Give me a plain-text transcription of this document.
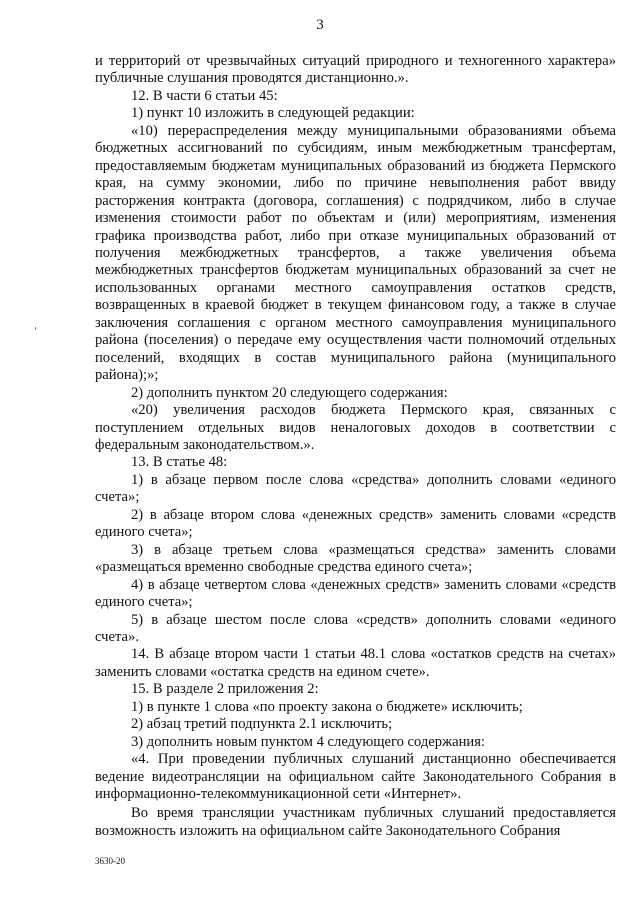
3

и территорий от чрезвычайных ситуаций природного и техногенного характера» публичные слушания проводятся дистанционно.».

12. В части 6 статьи 45:

1) пункт 10 изложить в следующей редакции:

«10) перераспределения между муниципальными образованиями объема бюджетных ассигнований по субсидиям, иным межбюджетным трансфертам, предоставляемым бюджетам муниципальных образований из бюджета Пермского края, на сумму экономии, либо по причине невыполнения работ ввиду расторжения контракта (договора, соглашения) с подрядчиком, либо в случае изменения стоимости работ по объектам и (или) мероприятиям, изменения графика производства работ, либо при отказе муниципальных образований от получения межбюджетных трансфертов, а также увеличения объема межбюджетных трансфертов бюджетам муниципальных образований за счет не использованных органами местного самоуправления остатков средств, возвращенных в краевой бюджет в текущем финансовом году, а также в случае заключения соглашения с органом местного самоуправления муниципального района (поселения) о передаче ему осуществления части полномочий отдельных поселений, входящих в состав муниципального района (муниципального района);»;

2) дополнить пунктом 20 следующего содержания:

«20) увеличения расходов бюджета Пермского края, связанных с поступлением отдельных видов неналоговых доходов в соответствии с федеральным законодательством.».

13. В статье 48:

1) в абзаце первом после слова «средства» дополнить словами «единого счета»;

2) в абзаце втором слова «денежных средств» заменить словами «средств единого счета»;

3) в абзаце третьем слова «размещаться средства» заменить словами «размещаться временно свободные средства единого счета»;

4) в абзаце четвертом слова «денежных средств» заменить словами «средств единого счета»;

5) в абзаце шестом после слова «средств» дополнить словами «единого счета».

14. В абзаце втором части 1 статьи 48.1 слова «остатков средств на счетах» заменить словами «остатка средств на едином счете».

15. В разделе 2 приложения 2:

1) в пункте 1 слова «по проекту закона о бюджете» исключить;

2) абзац третий подпункта 2.1 исключить;

3) дополнить новым пунктом 4 следующего содержания:

«4. При проведении публичных слушаний дистанционно обеспечивается ведение видеотрансляции на официальном сайте Законодательного Собрания в информационно-телекоммуникационной сети «Интернет».

Во время трансляции участникам публичных слушаний предоставляется возможность изложить на официальном сайте Законодательного Собрания

3630-20
